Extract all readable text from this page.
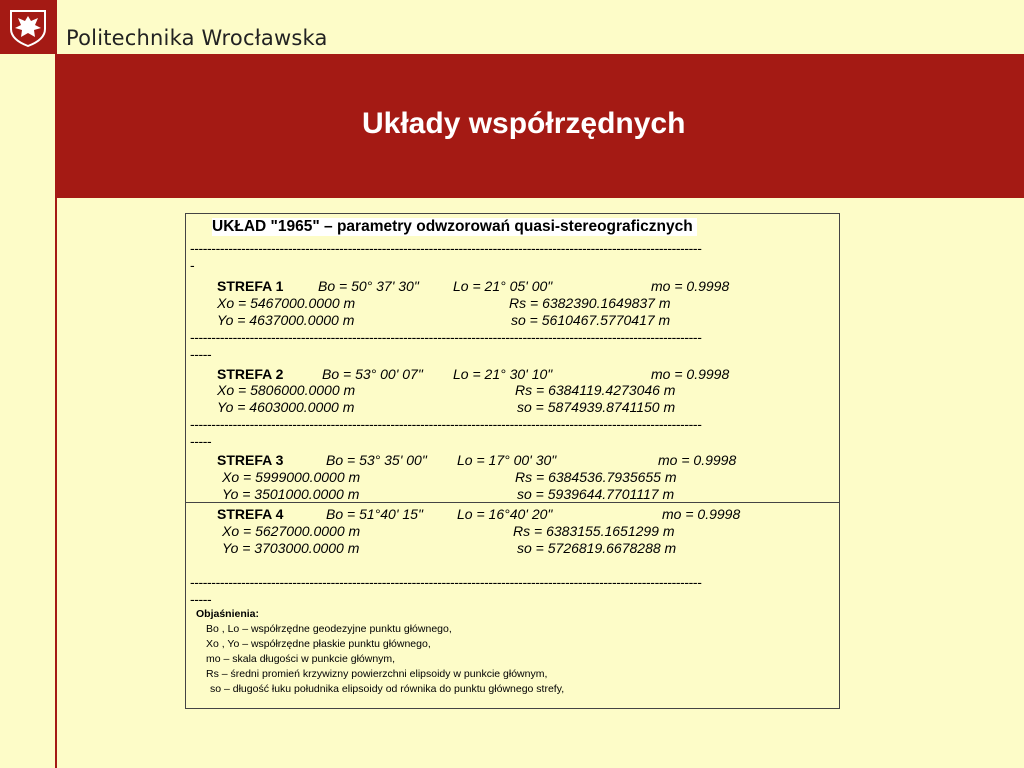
Politechnika Wrocławska
Układy współrzędnych
UKŁAD "1965" – parametry odwzorowań quasi-stereograficznych
------------------------------------------------------------------------------------------------------------------------
-
STREFA 1 Bo = 50° 37' 30" Lo = 21° 05' 00"	mo = 0.9998
Xo = 5467000.0000 m	Rs = 6382390.1649837 m
Yo = 4637000.0000 m	so = 5610467.5770417 m
------------------------------------------------------------------------------------------------------------------------
-----
STREFA 2	Bo = 53° 00' 07" Lo = 21° 30' 10"	mo = 0.9998
Xo = 5806000.0000 m	Rs = 6384119.4273046 m
Yo = 4603000.0000 m	so = 5874939.8741150 m
------------------------------------------------------------------------------------------------------------------------
-----
STREFA 3	Bo = 53° 35' 00" Lo = 17° 00' 30"	mo = 0.9998
Xo = 5999000.0000 m	Rs = 6384536.7935655 m
Yo = 3501000.0000 m	so = 5939644.7701117 m
STREFA 4	Bo = 51°40' 15" Lo = 16°40' 20"	mo = 0.9998
Xo = 5627000.0000 m	Rs = 6383155.1651299 m
Yo = 3703000.0000 m	so = 5726819.6678288 m
------------------------------------------------------------------------------------------------------------------------
-----
Objaśnienia:
Bo , Lo – współrzędne geodezyjne punktu głównego,
Xo , Yo – współrzędne płaskie punktu głównego,
mo – skala długości w punkcie głównym,
Rs – średni promień krzywizny powierzchni elipsoidy w punkcie głównym,
so – długość łuku południka elipsoidy od równika do punktu głównego strefy,
